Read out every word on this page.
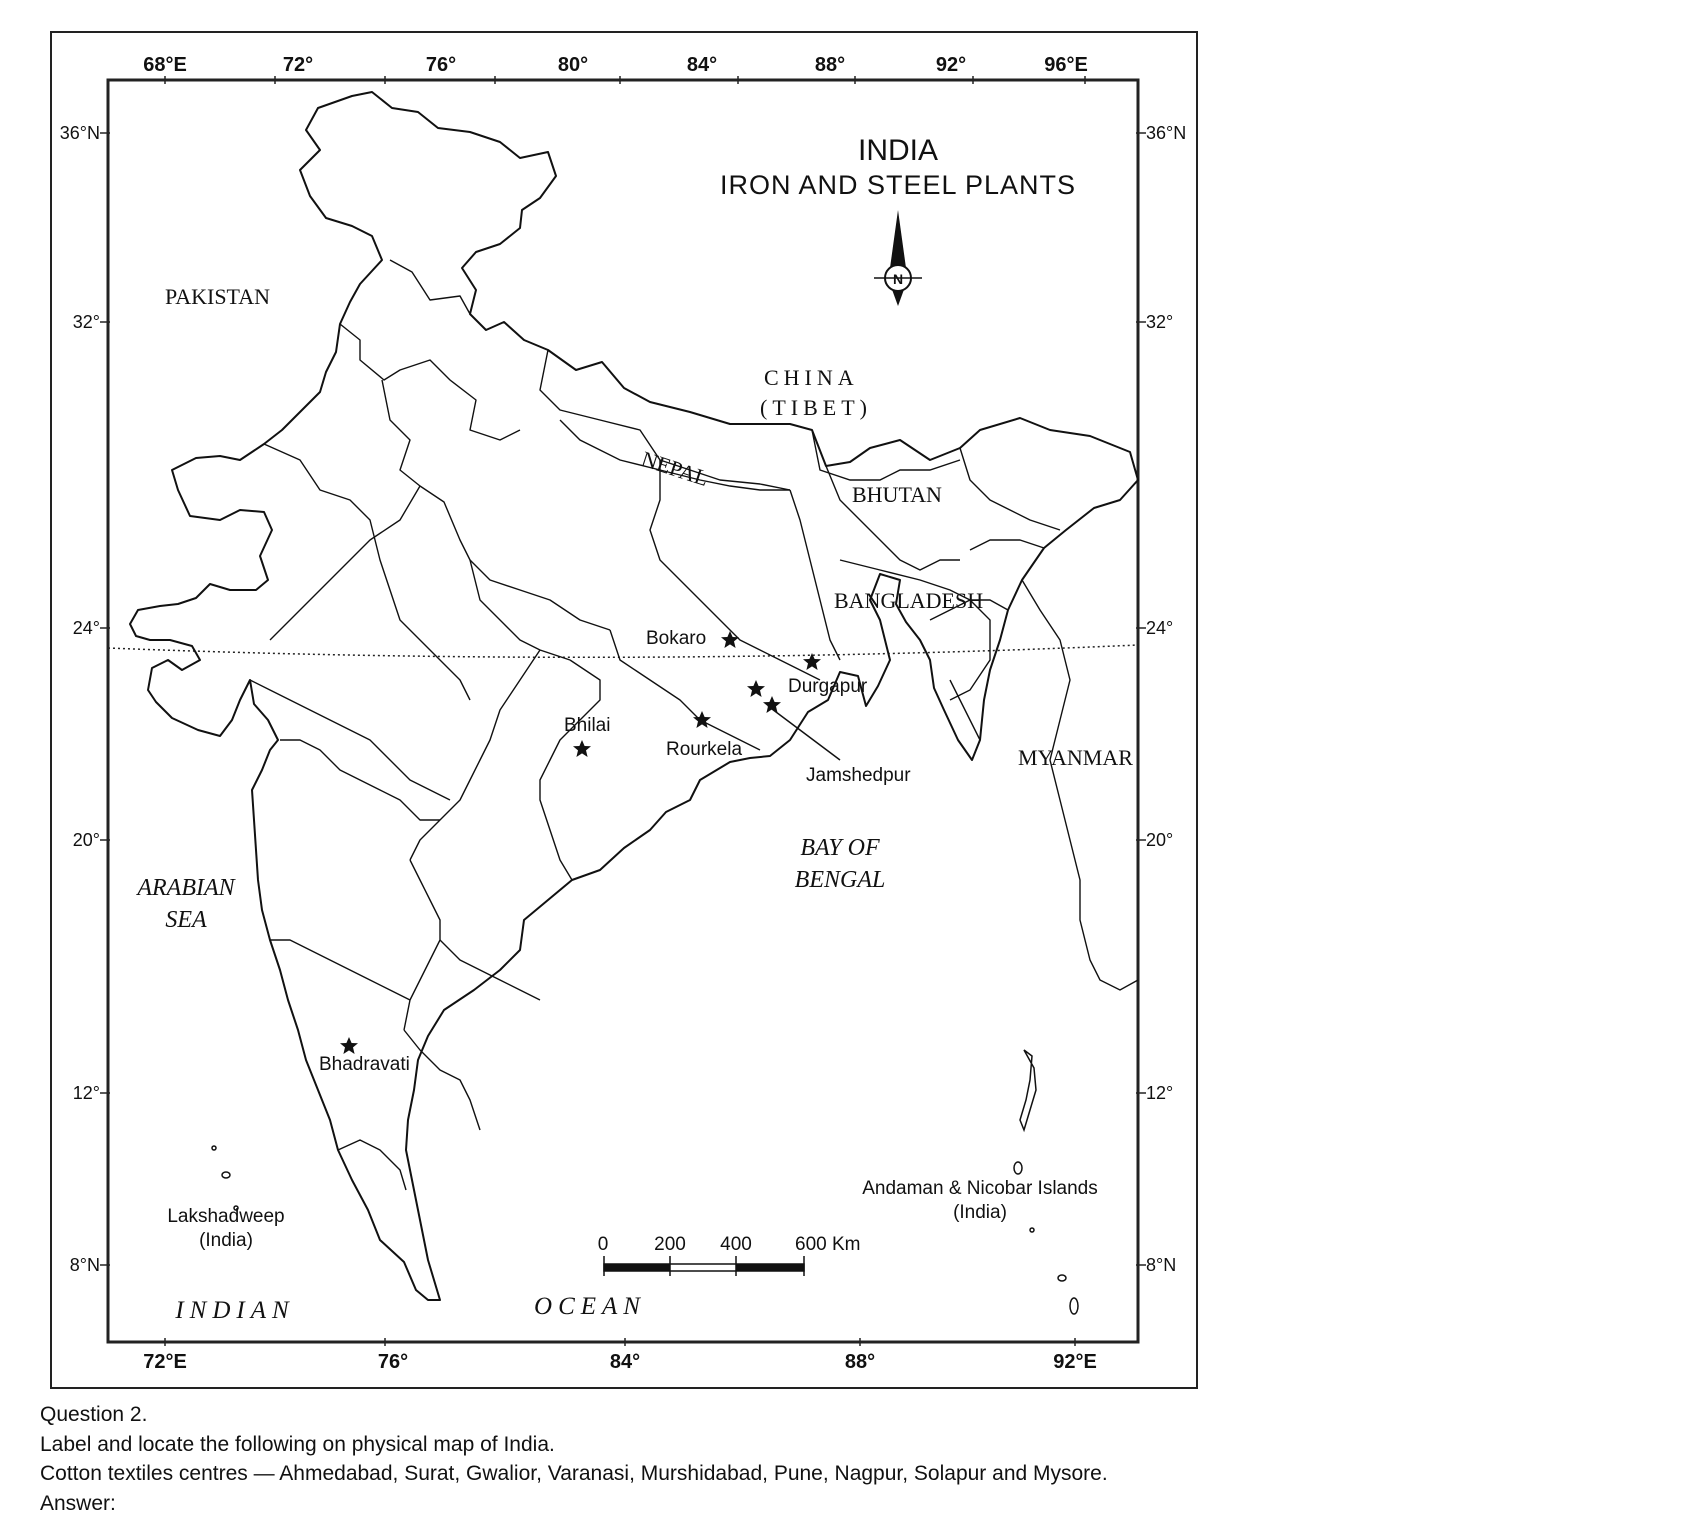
68°E	72°	76°	80°	84°	88°	92°	96°E
72°E	76°	84°	88°	92°E
36°N
32°
24°
20°
12°
8°N
36°N
32°
24°
20°
12°
8°N
INDIA
IRON AND STEEL PLANTS
N
PAKISTAN
CHINA
(TIBET)
NEPAL
BHUTAN
BANGLADESH
MYANMAR
ARABIAN
SEA
BAY OF
BENGAL
INDIAN	OCEAN
Bokaro
Durgapur
Bhilai
Rourkela
Jamshedpur
Bhadravati
Lakshadweep
(India)
Andaman & Nicobar Islands
(India)
0 200 400 600 Km
Question 2.
Label and locate the following on physical map of India.
Cotton textiles centres — Ahmedabad, Surat, Gwalior, Varanasi, Murshidabad, Pune, Nagpur, Solapur and Mysore.
Answer:
